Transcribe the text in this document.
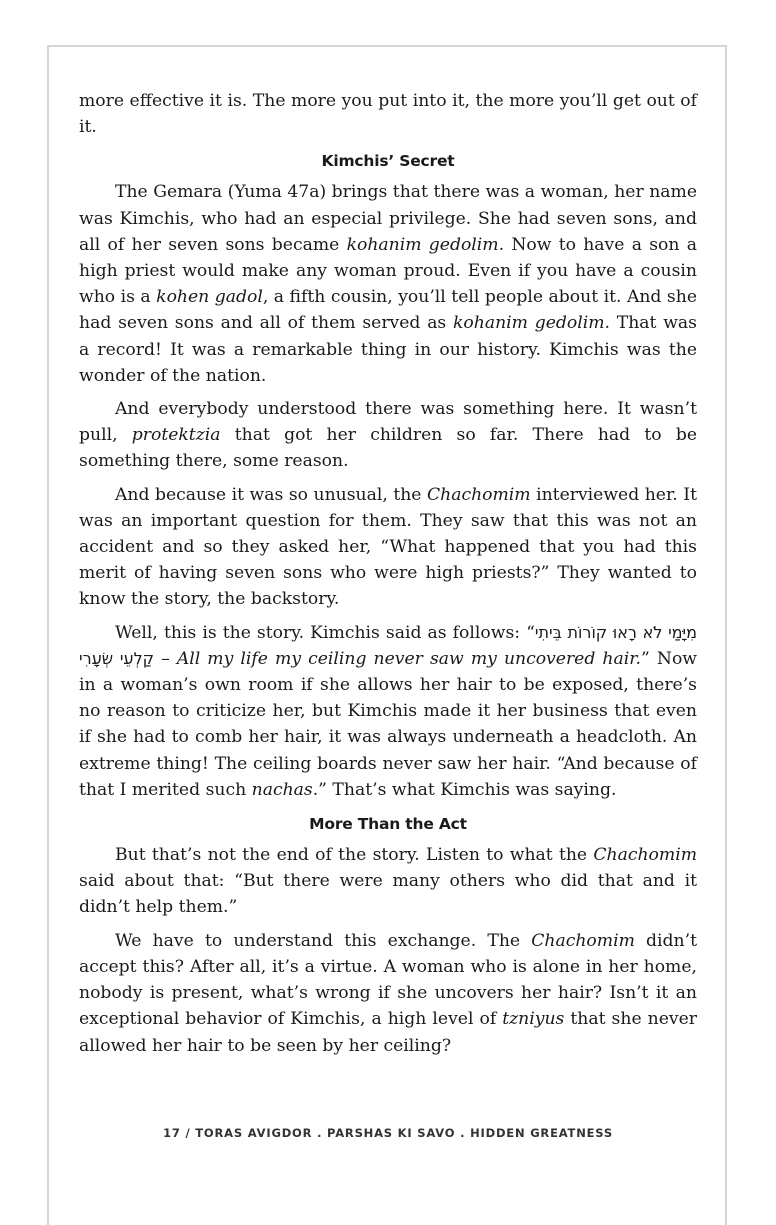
more effective it is. The more you put into it, the more you’ll get out of it.

Kimchis’ Secret

The Gemara (Yuma 47a) brings that there was a woman, her name was Kimchis, who had an especial privilege. She had seven sons, and all of her seven sons became kohanim gedolim. Now to have a son a high priest would make any woman proud. Even if you have a cousin who is a kohen gadol, a fifth cousin, you’ll tell people about it. And she had seven sons and all of them served as kohanim gedolim. That was a record! It was a remarkable thing in our history. Kimchis was the wonder of the nation.

And everybody understood there was something here. It wasn’t pull, protektzia that got her children so far. There had to be something there, some reason.

And because it was so unusual, the Chachomim interviewed her. It was an important question for them. They saw that this was not an accident and so they asked her, “What happened that you had this merit of having seven sons who were high priests?” They wanted to know the story, the backstory.

Well, this is the story. Kimchis said as follows: “מִיָּמַי לֹא רָאוּ קוֹרוֹת בֵּיתִי קַלְעֵי שְׂעָרִי – All my life my ceiling never saw my uncovered hair.” Now in a woman’s own room if she allows her hair to be exposed, there’s no reason to criticize her, but Kimchis made it her business that even if she had to comb her hair, it was always underneath a headcloth. An extreme thing! The ceiling boards never saw her hair. “And because of that I merited such nachas.” That’s what Kimchis was saying.

More Than the Act

But that’s not the end of the story. Listen to what the Chachomim said about that: “But there were many others who did that and it didn’t help them.”

We have to understand this exchange. The Chachomim didn’t accept this? After all, it’s a virtue. A woman who is alone in her home, nobody is present, what’s wrong if she uncovers her hair? Isn’t it an exceptional behavior of Kimchis, a high level of tzniyus that she never allowed her hair to be seen by her ceiling?

17 / TORAS AVIGDOR . PARSHAS KI SAVO . HIDDEN GREATNESS
